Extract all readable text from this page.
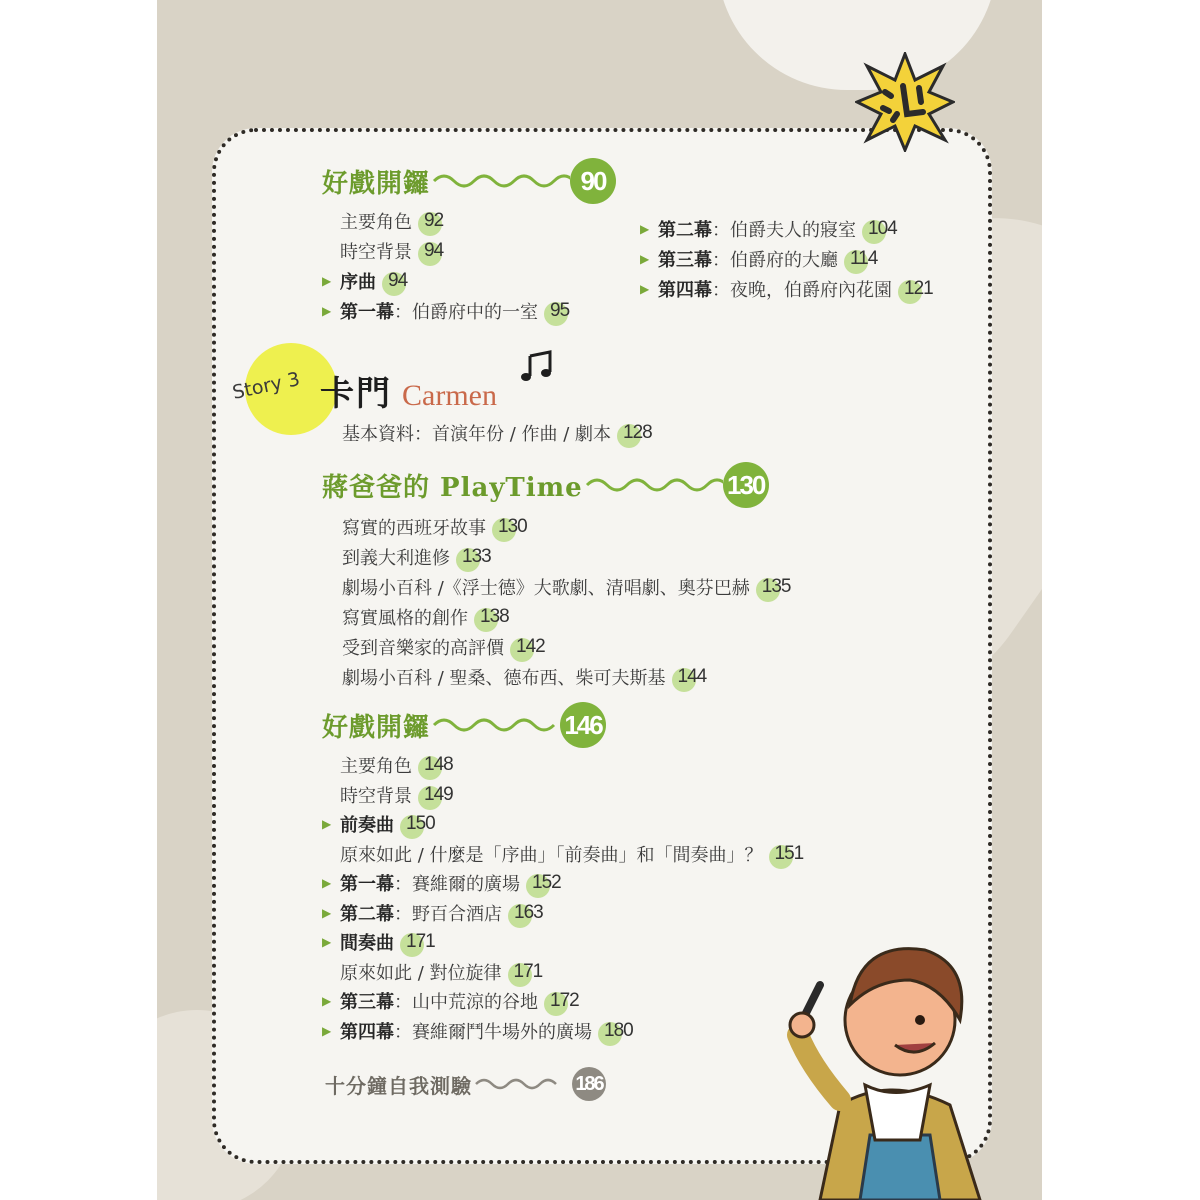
好戲開鑼	90
主要角色 92
時空背景 94
▶ 序曲 94
▶ 第一幕 ：伯爵府中的一室 95
▶ 第二幕 ：伯爵夫人的寢室 104
▶ 第三幕 ：伯爵府的大廳 114
▶ 第四幕 ：夜晚，伯爵府內花園 121
Story 3 卡門 Carmen
基本資料：首演年份 / 作曲 / 劇本 128
蔣爸爸的 PlayTime	130
寫實的西班牙故事 130
到義大利進修 133
劇場小百科 /《浮士德》大歌劇、清唱劇、奧芬巴赫 135
寫實風格的創作 138
受到音樂家的高評價 142
劇場小百科 / 聖桑、德布西、柴可夫斯基 144
好戲開鑼	146
主要角色 148
時空背景 149
▶ 前奏曲 150
原來如此 / 什麼是「序曲」「前奏曲」和「間奏曲」？ 151
▶ 第一幕 ：賽維爾的廣場 152
▶ 第二幕 ：野百合酒店 163
▶ 間奏曲 171
原來如此 / 對位旋律 171
▶ 第三幕 ：山中荒涼的谷地 172
▶ 第四幕 ：賽維爾鬥牛場外的廣場 180
十分鐘自我測驗	186
